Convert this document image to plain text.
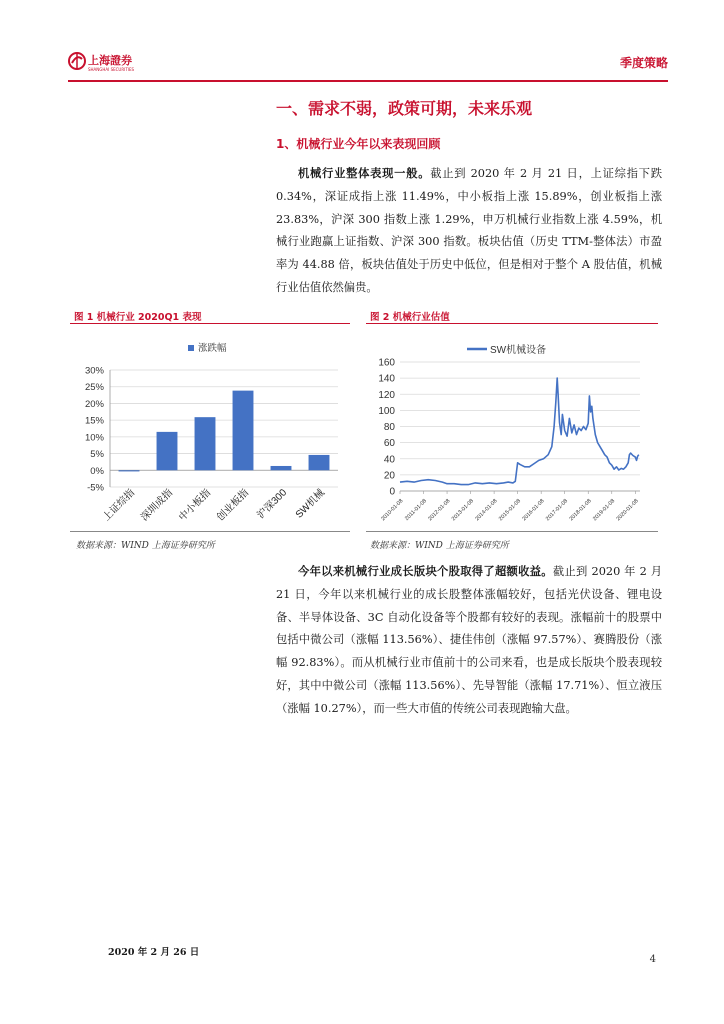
上海證券
SHANGHAI SECURITIES	季度策略
一、需求不弱，政策可期，未来乐观
1、机械行业今年以来表现回顾
机械行业整体表现一般。截止到 2020 年 2 月 21 日，上证综指下跌 0.34%，深证成指上涨 11.49%，中小板指上涨 15.89%，创业板指上涨 23.83%，沪深 300 指数上涨 1.29%，申万机械行业指数上涨 4.59%，机械行业跑赢上证指数、沪深 300 指数。板块估值（历史 TTM-整体法）市盈率为 44.88 倍，板块估值处于历史中低位，但是相对于整个 A 股估值，机械行业估值依然偏贵。
图 1 机械行业 2020Q1 表现	图 2 机械行业估值
30%
25%
20%
15%
10%
5%
0%
-5%
上证综指 深圳成指 中小板指 创业板指 沪深300 SW机械
涨跌幅
160
140
120
100
80
60
40
20
0
2010-01-08 2011-01-08 2012-01-08 2013-01-08 2014-01-08 2015-01-08 2016-01-08 2017-01-08 2018-01-08 2019-01-08 2020-01-08
SW机械设备
数据来源：WIND 上海证券研究所	数据来源：WIND 上海证券研究所
今年以来机械行业成长版块个股取得了超额收益。截止到 2020 年 2 月 21 日，今年以来机械行业的成长股整体涨幅较好，包括光伏设备、锂电设备、半导体设备、3C 自动化设备等个股都有较好的表现。涨幅前十的股票中包括中微公司（涨幅 113.56%）、捷佳伟创（涨幅 97.57%）、赛腾股份（涨幅 92.83%）。而从机械行业市值前十的公司来看，也是成长版块个股表现较好，其中中微公司（涨幅 113.56%）、先导智能（涨幅 17.71%）、恒立液压（涨幅 10.27%），而一些大市值的传统公司表现跑输大盘。
2020 年 2 月 26 日
4
